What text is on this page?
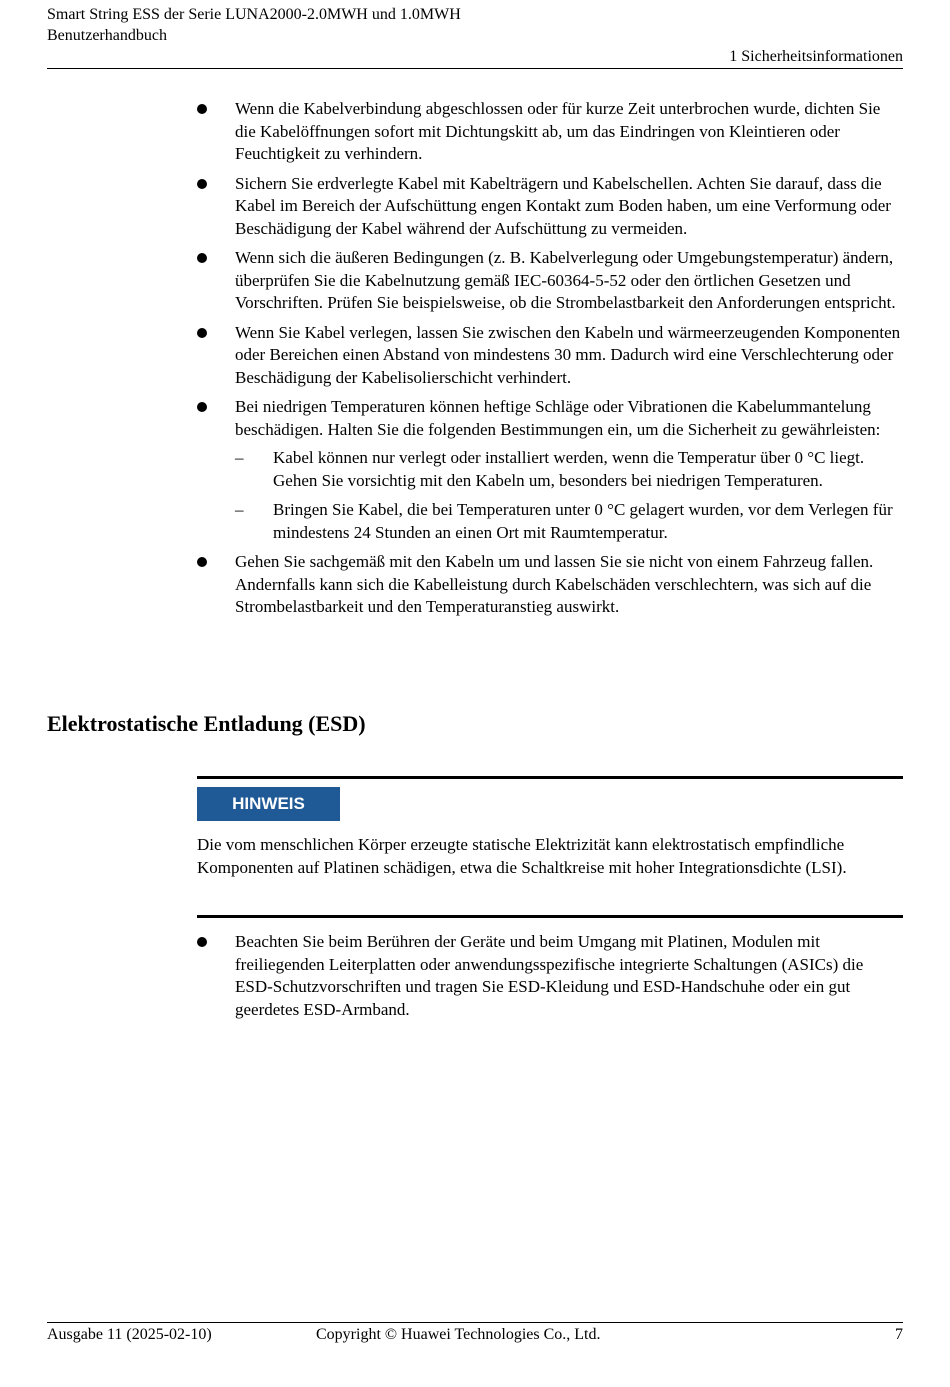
Smart String ESS der Serie LUNA2000-2.0MWH und 1.0MWH
Benutzerhandbuch
1 Sicherheitsinformationen
Wenn die Kabelverbindung abgeschlossen oder für kurze Zeit unterbrochen wurde, dichten Sie die Kabelöffnungen sofort mit Dichtungskitt ab, um das Eindringen von Kleintieren oder Feuchtigkeit zu verhindern.
Sichern Sie erdverlegte Kabel mit Kabelträgern und Kabelschellen. Achten Sie darauf, dass die Kabel im Bereich der Aufschüttung engen Kontakt zum Boden haben, um eine Verformung oder Beschädigung der Kabel während der Aufschüttung zu vermeiden.
Wenn sich die äußeren Bedingungen (z. B. Kabelverlegung oder Umgebungstemperatur) ändern, überprüfen Sie die Kabelnutzung gemäß IEC-60364-5-52 oder den örtlichen Gesetzen und Vorschriften. Prüfen Sie beispielsweise, ob die Strombelastbarkeit den Anforderungen entspricht.
Wenn Sie Kabel verlegen, lassen Sie zwischen den Kabeln und wärmeerzeugenden Komponenten oder Bereichen einen Abstand von mindestens 30 mm. Dadurch wird eine Verschlechterung oder Beschädigung der Kabelisolierschicht verhindert.
Bei niedrigen Temperaturen können heftige Schläge oder Vibrationen die Kabelummantelung beschädigen. Halten Sie die folgenden Bestimmungen ein, um die Sicherheit zu gewährleisten:
– Kabel können nur verlegt oder installiert werden, wenn die Temperatur über 0 °C liegt. Gehen Sie vorsichtig mit den Kabeln um, besonders bei niedrigen Temperaturen.
– Bringen Sie Kabel, die bei Temperaturen unter 0 °C gelagert wurden, vor dem Verlegen für mindestens 24 Stunden an einen Ort mit Raumtemperatur.
Gehen Sie sachgemäß mit den Kabeln um und lassen Sie sie nicht von einem Fahrzeug fallen. Andernfalls kann sich die Kabelleistung durch Kabelschäden verschlechtern, was sich auf die Strombelastbarkeit und den Temperaturanstieg auswirkt.
Elektrostatische Entladung (ESD)
HINWEIS
Die vom menschlichen Körper erzeugte statische Elektrizität kann elektrostatisch empfindliche Komponenten auf Platinen schädigen, etwa die Schaltkreise mit hoher Integrationsdichte (LSI).
Beachten Sie beim Berühren der Geräte und beim Umgang mit Platinen, Modulen mit freiliegenden Leiterplatten oder anwendungsspezifische integrierte Schaltungen (ASICs) die ESD-Schutzvorschriften und tragen Sie ESD-Kleidung und ESD-Handschuhe oder ein gut geerdetes ESD-Armband.
Ausgabe 11 (2025-02-10)	Copyright © Huawei Technologies Co., Ltd.	7
